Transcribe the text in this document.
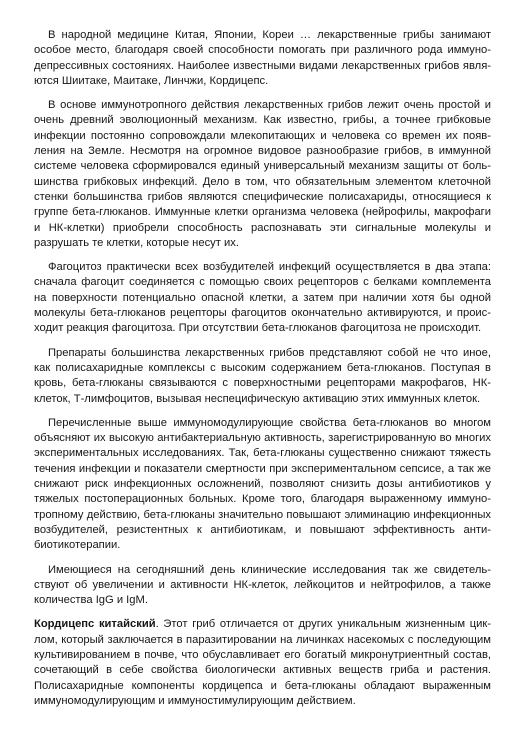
В народной медицине Китая, Японии, Кореи … лекарственные грибы занимают особое место, благодаря своей способности помогать при различного рода иммунодепрессивных состояниях. Наиболее известными видами лекарственных грибов являются Шиитаке, Маитаке, Линчжи, Кордицепс.

В основе иммунотропного действия лекарственных грибов лежит очень простой и очень древний эволюционный механизм. Как известно, грибы, а точнее грибковые инфекции постоянно сопровождали млекопитающих и человека со времен их появления на Земле. Несмотря на огромное видовое разнообразие грибов, в иммунной системе человека сформировался единый универсальный механизм защиты от большинства грибковых инфекций. Дело в том, что обязательным элементом клеточной стенки большинства грибов являются специфические полисахариды, относящиеся к группе бета-глюканов. Иммунные клетки организма человека (нейрофилы, макрофаги и НК-клетки) приобрели способность распознавать эти сигнальные молекулы и разрушать те клетки, которые несут их.

Фагоцитоз практически всех возбудителей инфекций осуществляется в два этапа: сначала фагоцит соединяется с помощью своих рецепторов с белками комплемента на поверхности потенциально опасной клетки, а затем при наличии хотя бы одной молекулы бета-глюканов рецепторы фагоцитов окончательно активируются, и происходит реакция фагоцитоза. При отсутствии бета-глюканов фагоцитоза не происходит.

Препараты большинства лекарственных грибов представляют собой не что иное, как полисахаридные комплексы с высоким содержанием бета-глюканов. Поступая в кровь, бета-глюканы связываются с поверхностными рецепторами макрофагов, НК-клеток, Т-лимфоцитов, вызывая неспецифическую активацию этих иммунных клеток.

Перечисленные выше иммуномодулирующие свойства бета-глюканов во многом объясняют их высокую антибактериальную активность, зарегистрированную во многих экспериментальных исследованиях. Так, бета-глюканы существенно снижают тяжесть течения инфекции и показатели смертности при экспериментальном сепсисе, а так же снижают риск инфекционных осложнений, позволяют снизить дозы антибиотиков у тяжелых постоперационных больных. Кроме того, благодаря выраженному иммунотропному действию, бета-глюканы значительно повышают элиминацию инфекционных возбудителей, резистентных к антибиотикам, и повышают эффективность антибиотикотерапии.

Имеющиеся на сегодняшний день клинические исследования так же свидетельствуют об увеличении и активности НК-клеток, лейкоцитов и нейтрофилов, а также количества IgG и IgM.

Кордицепс китайский. Этот гриб отличается от других уникальным жизненным циклом, который заключается в паразитировании на личинках насекомых с последующим культивированием в почве, что обуславливает его богатый микронутриентный состав, сочетающий в себе свойства биологически активных веществ гриба и растения. Полисахаридные компоненты кордицепса и бета-глюканы обладают выраженным иммуномодулирующим и иммуностимулирующим действием.
